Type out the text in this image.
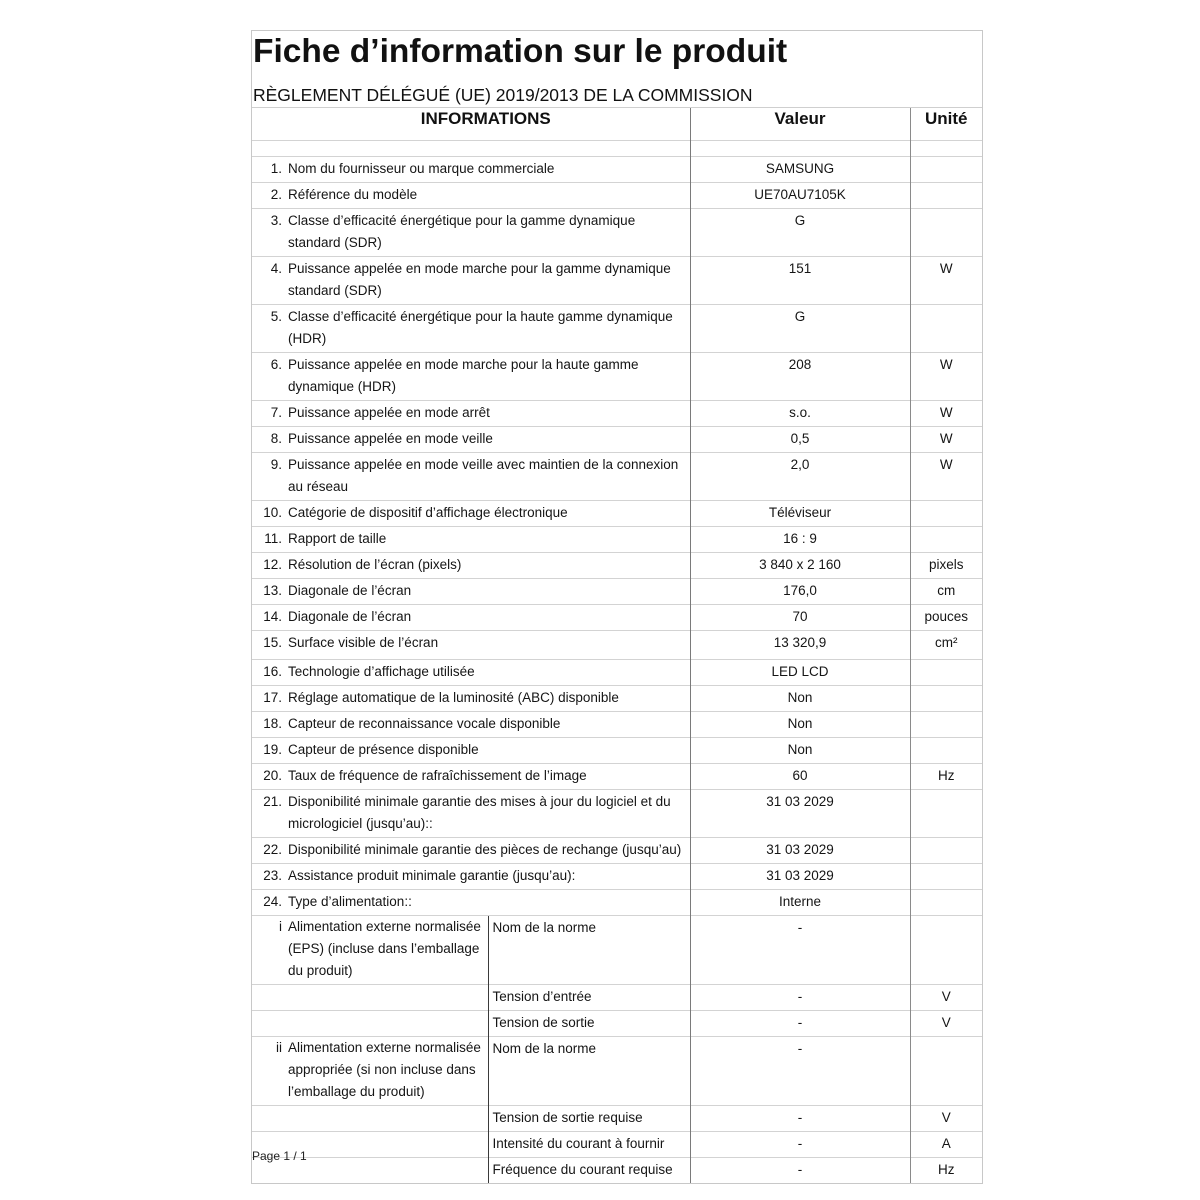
Fiche d’information sur le produit
RÈGLEMENT DÉLÉGUÉ (UE) 2019/2013 DE LA COMMISSION
	INFORMATIONS		Valeur	Unité

1.	Nom du fournisseur ou marque commerciale		SAMSUNG	
2.	Référence du modèle		UE70AU7105K	
3.	Classe d’efficacité énergétique pour la gamme dynamique standard (SDR)		G	
4.	Puissance appelée en mode marche pour la gamme dynamique standard (SDR)		151	W
5.	Classe d’efficacité énergétique pour la haute gamme dynamique (HDR)		G	
6.	Puissance appelée en mode marche pour la haute gamme dynamique (HDR)		208	W
7.	Puissance appelée en mode arrêt		s.o.	W
8.	Puissance appelée en mode veille		0,5	W
9.	Puissance appelée en mode veille avec maintien de la connexion au réseau		2,0	W
10.	Catégorie de dispositif d’affichage électronique		Téléviseur	
11.	Rapport de taille		16 : 9	
12.	Résolution de l’écran (pixels)		3 840 x 2 160	pixels
13.	Diagonale de l’écran		176,0	cm
14.	Diagonale de l’écran		70	pouces
15.	Surface visible de l’écran		13 320,9	cm²
16.	Technologie d’affichage utilisée		LED LCD	
17.	Réglage automatique de la luminosité (ABC) disponible		Non	
18.	Capteur de reconnaissance vocale disponible		Non	
19.	Capteur de présence disponible		Non	
20.	Taux de fréquence de rafraîchissement de l’image		60	Hz
21.	Disponibilité minimale garantie des mises à jour du logiciel et du micrologiciel (jusqu’au)::		31 03 2029	
22.	Disponibilité minimale garantie des pièces de rechange (jusqu’au)		31 03 2029	
23.	Assistance produit minimale garantie (jusqu’au):		31 03 2029	
24.	Type d’alimentation::		Interne	
i	Alimentation externe normalisée (EPS) (incluse dans l’emballage du produit)	Nom de la norme	-	
		Tension d’entrée	-	V
		Tension de sortie	-	V
ii	Alimentation externe normalisée appropriée (si non incluse dans l’emballage du produit)	Nom de la norme	-	
		Tension de sortie requise	-	V
		Intensité du courant à fournir	-	A
		Fréquence du courant requise	-	Hz
Page 1 / 1
